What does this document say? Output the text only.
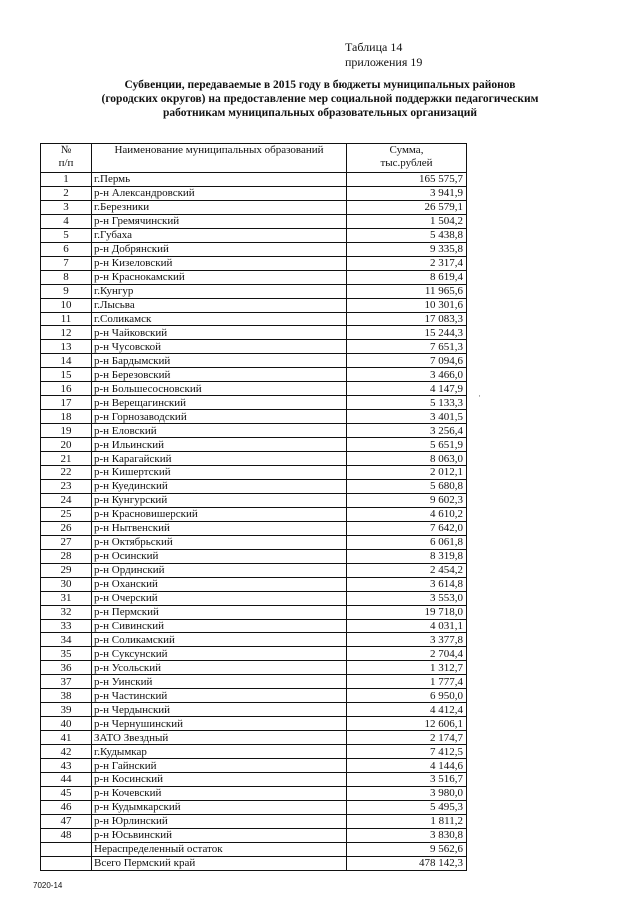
Таблица 14
приложения 19
Субвенции, передаваемые в 2015 году в бюджеты муниципальных районов
(городских округов) на предоставление мер социальной поддержки педагогическим
работникам муниципальных образовательных организаций
№
п/п	Наименование муниципальных образований	Сумма,
тыс.рублей
1	г.Пермь	165 575,7
2	р-н Александровский	3 941,9
3	г.Березники	26 579,1
4	р-н Гремячинский	1 504,2
5	г.Губаха	5 438,8
6	р-н Добрянский	9 335,8
7	р-н Кизеловский	2 317,4
8	р-н Краснокамский	8 619,4
9	г.Кунгур	11 965,6
10	г.Лысьва	10 301,6
11	г.Соликамск	17 083,3
12	р-н Чайковский	15 244,3
13	р-н Чусовской	7 651,3
14	р-н Бардымский	7 094,6
15	р-н Березовский	3 466,0
16	р-н Большесосновский	4 147,9
17	р-н Верещагинский	5 133,3
18	р-н Горнозаводский	3 401,5
19	р-н Еловский	3 256,4
20	р-н Ильинский	5 651,9
21	р-н Карагайский	8 063,0
22	р-н Кишертский	2 012,1
23	р-н Куединский	5 680,8
24	р-н Кунгурский	9 602,3
25	р-н Красновишерский	4 610,2
26	р-н Нытвенский	7 642,0
27	р-н Октябрьский	6 061,8
28	р-н Осинский	8 319,8
29	р-н Ординский	2 454,2
30	р-н Оханский	3 614,8
31	р-н Очерский	3 553,0
32	р-н Пермский	19 718,0
33	р-н Сивинский	4 031,1
34	р-н Соликамский	3 377,8
35	р-н Суксунский	2 704,4
36	р-н Усольский	1 312,7
37	р-н Уинский	1 777,4
38	р-н Частинский	6 950,0
39	р-н Чердынский	4 412,4
40	р-н Чернушинский	12 606,1
41	ЗАТО Звездный	2 174,7
42	г.Кудымкар	7 412,5
43	р-н Гайнский	4 144,6
44	р-н Косинский	3 516,7
45	р-н Кочевский	3 980,0
46	р-н Кудымкарский	5 495,3
47	р-н Юрлинский	1 811,2
48	р-н Юсьвинский	3 830,8
	Нераспределенный остаток	9 562,6
	Всего Пермский край	478 142,3
·
7020-14
